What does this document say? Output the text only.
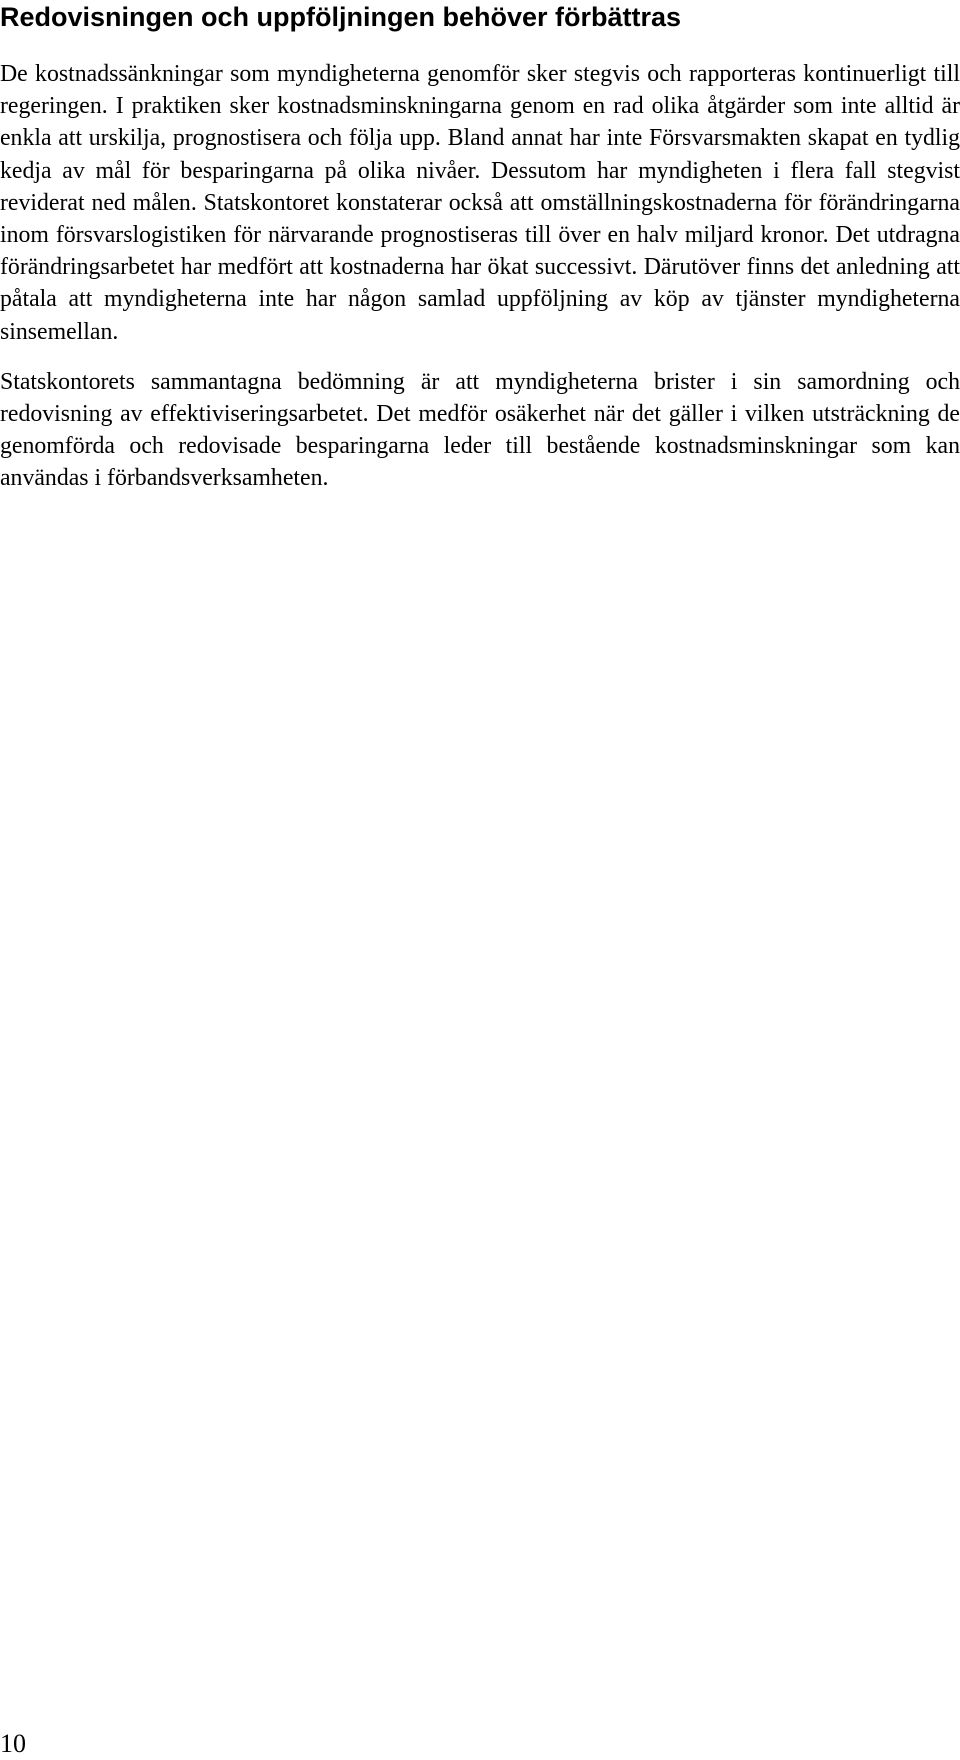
Redovisningen och uppföljningen behöver förbättras

De kostnadssänkningar som myndigheterna genomför sker stegvis och rapporteras kontinuerligt till regeringen. I praktiken sker kostnadsminskningarna genom en rad olika åtgärder som inte alltid är enkla att urskilja, prognostisera och följa upp. Bland annat har inte Försvarsmakten skapat en tydlig kedja av mål för besparingarna på olika nivåer. Dessutom har myndigheten i flera fall stegvist reviderat ned målen. Statskontoret konstaterar också att omställningskostnaderna för förändringarna inom försvarslogistiken för närvarande prognostiseras till över en halv miljard kronor. Det utdragna förändringsarbetet har medfört att kostnaderna har ökat successivt. Därutöver finns det anledning att påtala att myndigheterna inte har någon samlad uppföljning av köp av tjänster myndigheterna sinsemellan.

Statskontorets sammantagna bedömning är att myndigheterna brister i sin samordning och redovisning av effektiviseringsarbetet. Det medför osäkerhet när det gäller i vilken utsträckning de genomförda och redovisade besparingarna leder till bestående kostnadsminskningar som kan användas i förbandsverksamheten.

10
